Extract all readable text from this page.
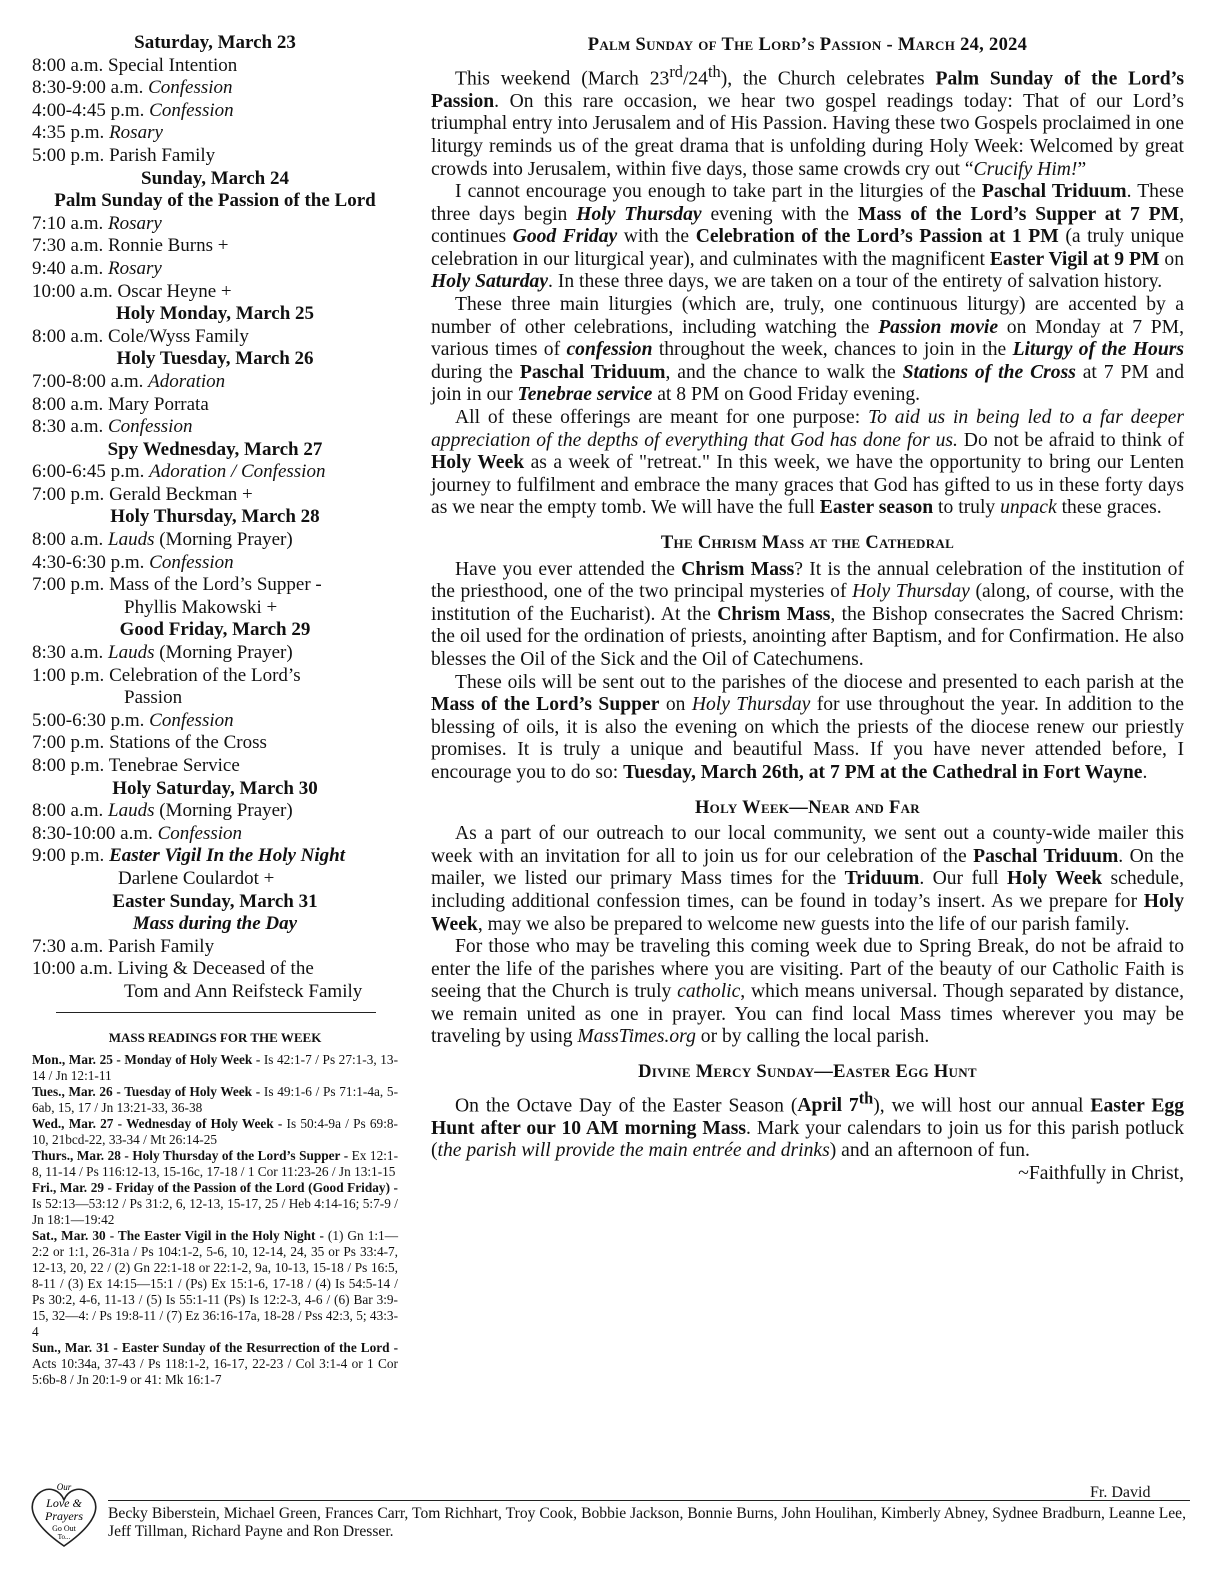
Saturday, March 23
8:00 a.m. Special Intention
8:30-9:00 a.m. Confession
4:00-4:45 p.m. Confession
4:35 p.m. Rosary
5:00 p.m. Parish Family
Sunday, March 24
Palm Sunday of the Passion of the Lord
7:10 a.m. Rosary
7:30 a.m. Ronnie Burns +
9:40 a.m. Rosary
10:00 a.m. Oscar Heyne +
Holy Monday, March 25
8:00 a.m. Cole/Wyss Family
Holy Tuesday, March 26
7:00-8:00 a.m. Adoration
8:00 a.m. Mary Porrata
8:30 a.m. Confession
Spy Wednesday, March 27
6:00-6:45 p.m. Adoration / Confession
7:00 p.m. Gerald Beckman +
Holy Thursday, March 28
8:00 a.m. Lauds (Morning Prayer)
4:30-6:30 p.m. Confession
7:00 p.m. Mass of the Lord’s Supper -
Phyllis Makowski +
Good Friday, March 29
8:30 a.m. Lauds (Morning Prayer)
1:00 p.m. Celebration of the Lord’s
Passion
5:00-6:30 p.m. Confession
7:00 p.m. Stations of the Cross
8:00 p.m. Tenebrae Service
Holy Saturday, March 30
8:00 a.m. Lauds (Morning Prayer)
8:30-10:00 a.m. Confession
9:00 p.m. Easter Vigil In the Holy Night
Darlene Coulardot +
Easter Sunday, March 31
Mass during the Day
7:30 a.m. Parish Family
10:00 a.m. Living & Deceased of the
Tom and Ann Reifsteck Family
MASS READINGS FOR THE WEEK

Mon., Mar. 25 - Monday of Holy Week - Is 42:1-7 / Ps 27:1-3, 13-14 / Jn 12:1-11

Tues., Mar. 26 - Tuesday of Holy Week - Is 49:1-6 / Ps 71:1-4a, 5-6ab, 15, 17 / Jn 13:21-33, 36-38

Wed., Mar. 27 - Wednesday of Holy Week - Is 50:4-9a / Ps 69:8-10, 21bcd-22, 33-34 / Mt 26:14-25

Thurs., Mar. 28 - Holy Thursday of the Lord’s Supper - Ex 12:1-8, 11-14 / Ps 116:12-13, 15-16c, 17-18 / 1 Cor 11:23-26 / Jn 13:1-15

Fri., Mar. 29 - Friday of the Passion of the Lord (Good Friday) - Is 52:13—53:12 / Ps 31:2, 6, 12-13, 15-17, 25 / Heb 4:14-16; 5:7-9 / Jn 18:1—19:42

Sat., Mar. 30 - The Easter Vigil in the Holy Night - (1) Gn 1:1—2:2 or 1:1, 26-31a / Ps 104:1-2, 5-6, 10, 12-14, 24, 35 or Ps 33:4-7, 12-13, 20, 22 / (2) Gn 22:1-18 or 22:1-2, 9a, 10-13, 15-18 / Ps 16:5, 8-11 / (3) Ex 14:15—15:1 / (Ps) Ex 15:1-6, 17-18 / (4) Is 54:5-14 / Ps 30:2, 4-6, 11-13 / (5) Is 55:1-11 (Ps) Is 12:2-3, 4-6 / (6) Bar 3:9-15, 32—4: / Ps 19:8-11 / (7) Ez 36:16-17a, 18-28 / Pss 42:3, 5; 43:3-4

Sun., Mar. 31 - Easter Sunday of the Resurrection of the Lord - Acts 10:34a, 37-43 / Ps 118:1-2, 16-17, 22-23 / Col 3:1-4 or 1 Cor 5:6b-8 / Jn 20:1-9 or 41: Mk 16:1-7

Palm Sunday of The Lord’s Passion - March 24, 2024

This weekend (March 23rd/24th), the Church celebrates Palm Sunday of the Lord’s Passion. On this rare occasion, we hear two gospel readings today: That of our Lord’s triumphal entry into Jerusalem and of His Passion. Having these two Gospels proclaimed in one liturgy reminds us of the great drama that is unfolding during Holy Week: Welcomed by great crowds into Jerusalem, within five days, those same crowds cry out “Crucify Him!”

I cannot encourage you enough to take part in the liturgies of the Paschal Triduum. These three days begin Holy Thursday evening with the Mass of the Lord’s Supper at 7 PM, continues Good Friday with the Celebration of the Lord’s Passion at 1 PM (a truly unique celebration in our liturgical year), and culminates with the magnificent Easter Vigil at 9 PM on Holy Saturday. In these three days, we are taken on a tour of the entirety of salvation history.

These three main liturgies (which are, truly, one continuous liturgy) are accented by a number of other celebrations, including watching the Passion movie on Monday at 7 PM, various times of confession throughout the week, chances to join in the Liturgy of the Hours during the Paschal Triduum, and the chance to walk the Stations of the Cross at 7 PM and join in our Tenebrae service at 8 PM on Good Friday evening.

All of these offerings are meant for one purpose: To aid us in being led to a far deeper appreciation of the depths of everything that God has done for us. Do not be afraid to think of Holy Week as a week of "retreat." In this week, we have the opportunity to bring our Lenten journey to fulfilment and embrace the many graces that God has gifted to us in these forty days as we near the empty tomb. We will have the full Easter season to truly unpack these graces.

The Chrism Mass at the Cathedral

Have you ever attended the Chrism Mass? It is the annual celebration of the institution of the priesthood, one of the two principal mysteries of Holy Thursday (along, of course, with the institution of the Eucharist). At the Chrism Mass, the Bishop consecrates the Sacred Chrism: the oil used for the ordination of priests, anointing after Baptism, and for Confirmation. He also blesses the Oil of the Sick and the Oil of Catechumens.

These oils will be sent out to the parishes of the diocese and presented to each parish at the Mass of the Lord’s Supper on Holy Thursday for use throughout the year. In addition to the blessing of oils, it is also the evening on which the priests of the diocese renew our priestly promises. It is truly a unique and beautiful Mass. If you have never attended before, I encourage you to do so: Tuesday, March 26th, at 7 PM at the Cathedral in Fort Wayne.

Holy Week—Near and Far

As a part of our outreach to our local community, we sent out a county-wide mailer this week with an invitation for all to join us for our celebration of the Paschal Triduum. On the mailer, we listed our primary Mass times for the Triduum. Our full Holy Week schedule, including additional confession times, can be found in today’s insert. As we prepare for Holy Week, may we also be prepared to welcome new guests into the life of our parish family.

For those who may be traveling this coming week due to Spring Break, do not be afraid to enter the life of the parishes where you are visiting. Part of the beauty of our Catholic Faith is seeing that the Church is truly catholic, which means universal. Though separated by distance, we remain united as one in prayer. You can find local Mass times wherever you may be traveling by using MassTimes.org or by calling the local parish.

Divine Mercy Sunday—Easter Egg Hunt

On the Octave Day of the Easter Season (April 7th), we will host our annual Easter Egg Hunt after our 10 AM morning Mass. Mark your calendars to join us for this parish potluck (the parish will provide the main entrée and drinks) and an afternoon of fun.
~Faithfully in Christ,

Our
Love &
Prayers
Go Out
To...
Fr. David
Becky Biberstein, Michael Green, Frances Carr, Tom Richhart, Troy Cook, Bobbie Jackson, Bonnie Burns, John Houlihan, Kimberly Abney, Sydnee Bradburn, Leanne Lee, Jeff Tillman, Richard Payne and Ron Dresser.
